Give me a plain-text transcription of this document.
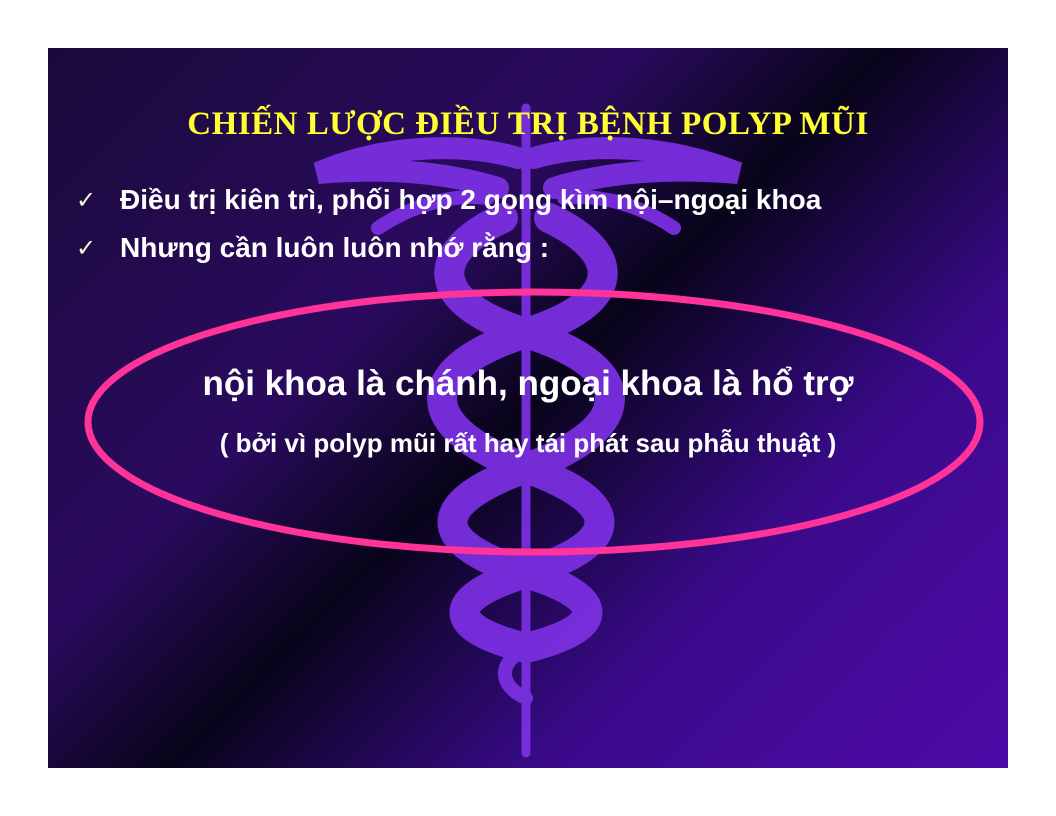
CHIẾN LƯỢC ĐIỀU TRỊ BỆNH POLYP MŨI
✓ Điều trị kiên trì, phối hợp 2 gọng kìm nội–ngoại khoa
✓ Nhưng cần luôn luôn nhớ rằng :
nội khoa là chánh, ngoại khoa là hổ trợ
( bởi vì polyp mũi rất hay tái phát sau phẫu thuật )
